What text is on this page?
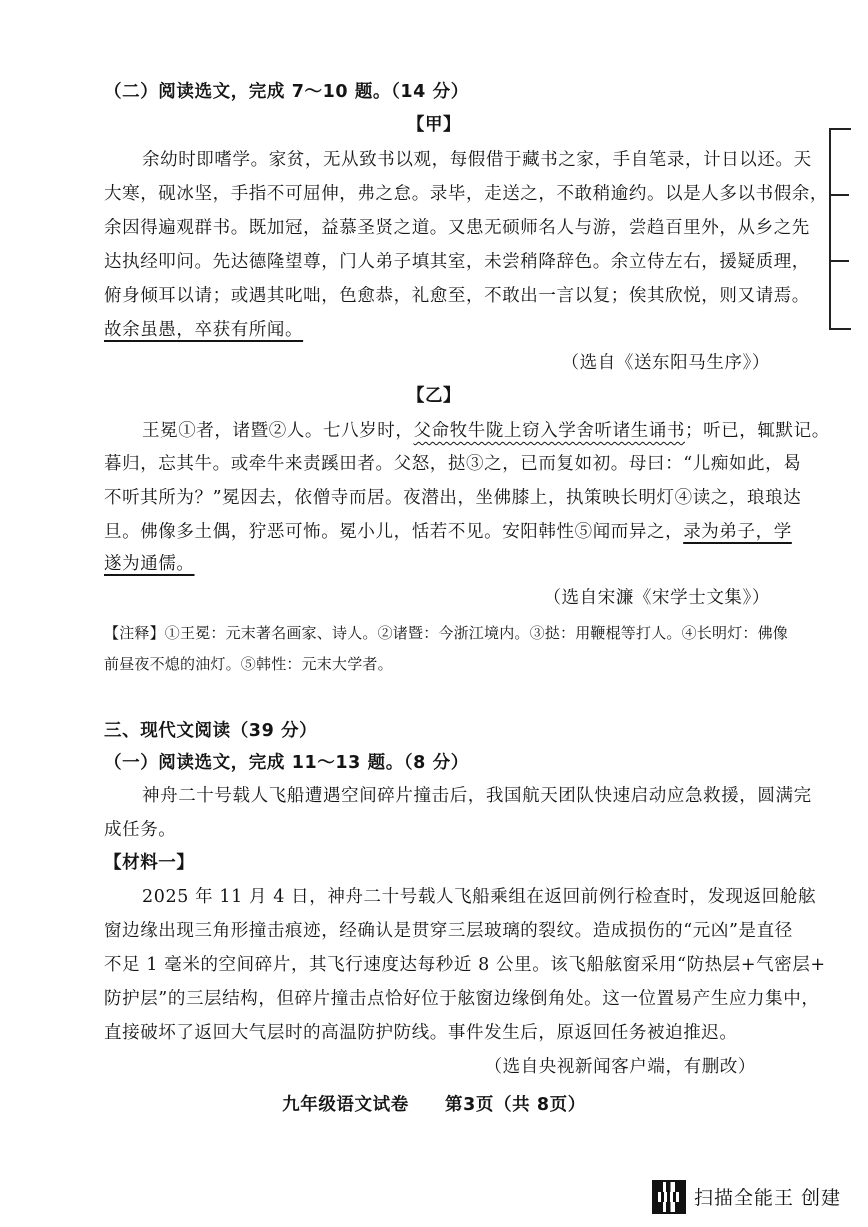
（二）阅读选文，完成 7～10 题。（14 分）
【甲】
余幼时即嗜学。家贫，无从致书以观，每假借于藏书之家，手自笔录，计日以还。天
大寒，砚冰坚，手指不可屈伸，弗之怠。录毕，走送之，不敢稍逾约。以是人多以书假余，
余因得遍观群书。既加冠，益慕圣贤之道。又患无硕师名人与游，尝趋百里外，从乡之先
达执经叩问。先达德隆望尊，门人弟子填其室，未尝稍降辞色。余立侍左右，援疑质理，
俯身倾耳以请；或遇其叱咄，色愈恭，礼愈至，不敢出一言以复；俟其欣悦，则又请焉。
故余虽愚，卒获有所闻。
（选自《送东阳马生序》）
【乙】
王冕①者，诸暨②人。七八岁时，父命牧牛陇上窃入学舍听诸生诵书；听已，辄默记。
暮归，忘其牛。或牵牛来责蹊田者。父怒，挞③之，已而复如初。母曰：“儿痴如此，曷
不听其所为？”冕因去，依僧寺而居。夜潜出，坐佛膝上，执策映长明灯④读之，琅琅达
旦。佛像多土偶，狞恶可怖。冕小儿，恬若不见。安阳韩性⑤闻而异之，录为弟子，学
遂为通儒。
（选自宋濂《宋学士文集》）
【注释】①王冕：元末著名画家、诗人。②诸暨：今浙江境内。③挞：用鞭棍等打人。④长明灯：佛像
前昼夜不熄的油灯。⑤韩性：元末大学者。
三、现代文阅读（39 分）
（一）阅读选文，完成 11～13 题。（8 分）
神舟二十号载人飞船遭遇空间碎片撞击后，我国航天团队快速启动应急救援，圆满完
成任务。
【材料一】
2025 年 11 月 4 日，神舟二十号载人飞船乘组在返回前例行检查时，发现返回舱舷
窗边缘出现三角形撞击痕迹，经确认是贯穿三层玻璃的裂纹。造成损伤的“元凶”是直径
不足 1 毫米的空间碎片，其飞行速度达每秒近 8 公里。该飞船舷窗采用“防热层+气密层+
防护层”的三层结构，但碎片撞击点恰好位于舷窗边缘倒角处。这一位置易产生应力集中，
直接破坏了返回大气层时的高温防护防线。事件发生后，原返回任务被迫推迟。
（选自央视新闻客户端，有删改）
九年级语文试卷　　第3页（共 8页）
扫描全能王 创建
